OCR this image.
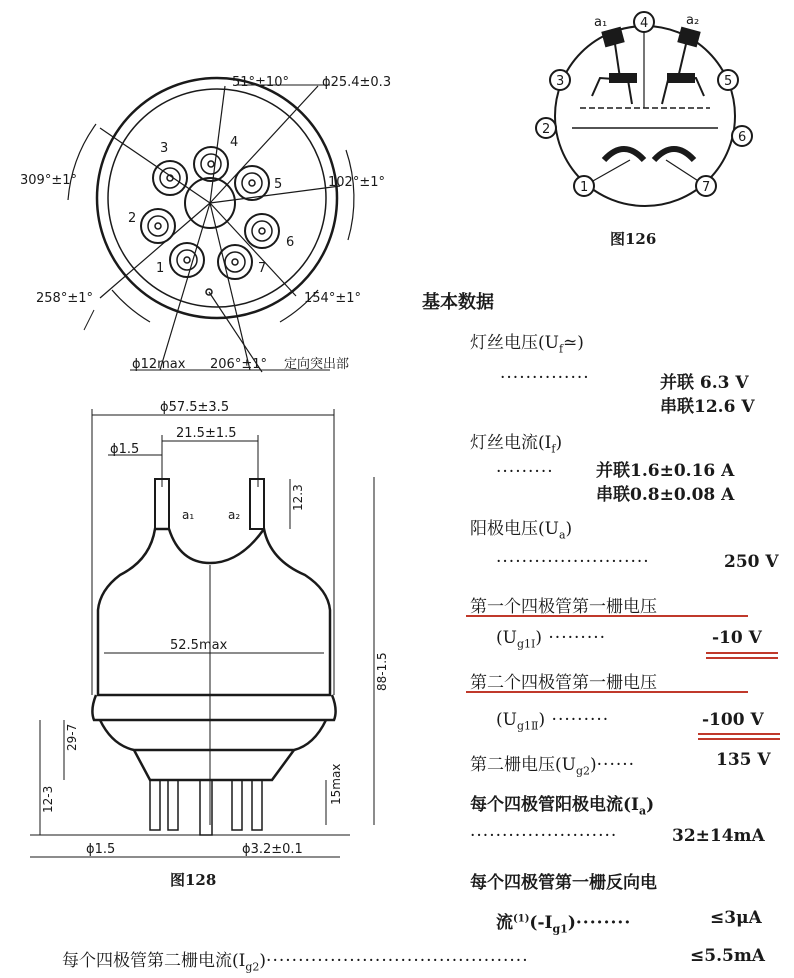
3	4
5
2
6
1	7
51°±10°	ϕ25.4±0.3
309°±1°	102°±1°
258°±1°	154°±1°
ϕ12max 206°±1° 定向突出部
4
3	5
2
6
1	7
a₁	a₂
图126
ϕ57.5±3.5
21.5±1.5
ϕ1.5
12.3
a₁	a₂
52.5max
88-1.5
29-7
12-3	15max
ϕ1.5	ϕ3.2±0.1
图128
基本数据
灯丝电压$(U_f≃)$
··············	并联 6.3 V
串联12.6 V
灯丝电流$(I_f)$
········· 并联1.6±0.16 A
串联0.8±0.08 A
阳极电压$(U_a)$
························	250 V
第一个四极管第一栅电压
$(U_{g1Ⅰ})$ ·········	-10 V
第二个四极管第一栅电压
$(U_{g1Ⅱ})$ ·········	-100 V
第二栅电压$(U_{g2})\cdot\cdot\cdot\cdot\cdot\cdot$	135 V
每个四极管阳极电流$(I_a)$
·······················	32±14mA
每个四极管第一栅反向电
流$^{(1)}(-I_{g1})\cdot\cdot\cdot\cdot\cdot\cdot\cdot\cdot$	≤3μA
每个四极管第二栅电流$(I_{g2})\cdot\cdot\cdot\cdot\cdot\cdot\cdot\cdot\cdot\cdot\cdot\cdot\cdot\cdot\cdot\cdot\cdot\cdot\cdot\cdot\cdot\cdot\cdot\cdot\cdot\cdot\cdot\cdot\cdot\cdot\cdot\cdot\cdot\cdot\cdot\cdot\cdot\cdot\cdot\cdot\cdot$	≤5.5mA
